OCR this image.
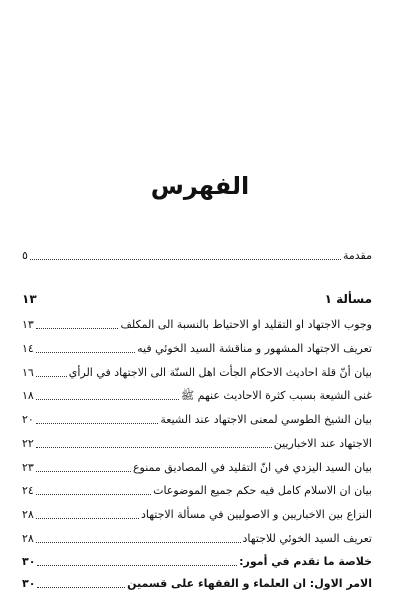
الفهرس
مقدمة
٥
مسألة ١
١٣
وجوب الاجتهاد او التقليد او الاحتياط بالنسبة الى المكلف
١٣
تعريف الاجتهاد المشهور و مناقشة السيد الخوئي فيه
١٤
بيان أنّ قلة احاديث الاحكام الجأت اهل السنّة الى الاجتهاد في الرأي
١٦
غنى الشيعة بسبب كثرة الاحاديث عنهم ﷺ
١٨
بيان الشيخ الطوسي لمعنى الاجتهاد عند الشيعة
٢٠
الاجتهاد عند الاخباريين
٢٢
بيان السيد اليزدي في انّ التقليد في المصاديق ممنوع
٢٣
بيان ان الاسلام كامل فيه حكم جميع الموضوعات
٢٤
النزاع بين الاخباريين و الاصوليين في مسألة الاجتهاد
٢٨
تعريف السيد الخوئي للاجتهاد
٢٨
خلاصة ما تقدم في أمور:
٣٠
الامر الاول: ان العلماء و الفقهاء على قسمين
٣٠
